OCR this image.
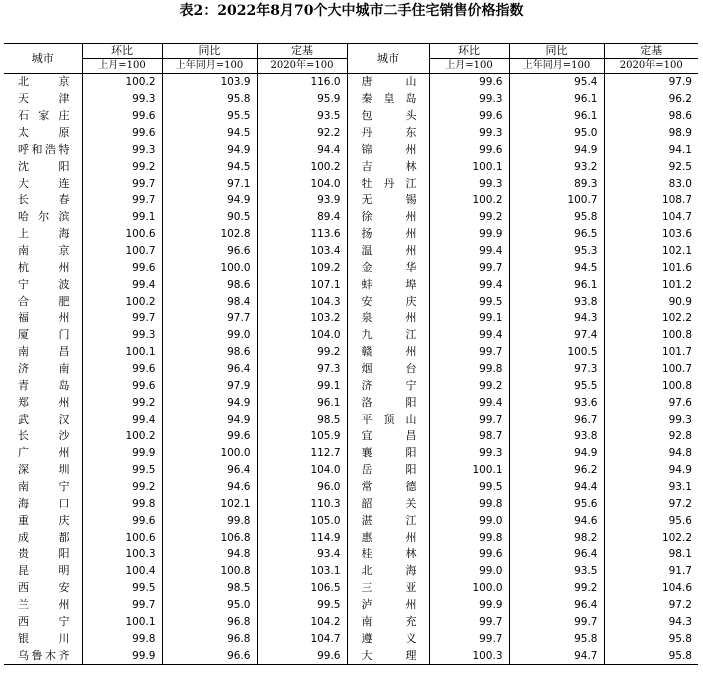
表2：2022年8月70个大中城市二手住宅销售价格指数
城市	环比	同比	定基	城市	环比	同比	定基
	上月=100	上年同月=100	2020年=100		上月=100	上年同月=100	2020年=100
北　京	100.2	103.9	116.0	唐　山	99.6	95.4	97.9
天　津	99.3	95.8	95.9	秦皇岛	99.3	96.1	96.2
石家庄	99.6	95.5	93.5	包　头	99.6	96.1	98.6
太　原	99.6	94.5	92.2	丹　东	99.3	95.0	98.9
呼和浩特	99.3	94.9	94.4	锦　州	99.6	94.9	94.1
沈　阳	99.2	94.5	100.2	吉　林	100.1	93.2	92.5
大　连	99.7	97.1	104.0	牡丹江	99.3	89.3	83.0
长　春	99.7	94.9	93.9	无　锡	100.2	100.7	108.7
哈尔滨	99.1	90.5	89.4	徐　州	99.2	95.8	104.7
上　海	100.6	102.8	113.6	扬　州	99.9	96.5	103.6
南　京	100.7	96.6	103.4	温　州	99.4	95.3	102.1
杭　州	99.6	100.0	109.2	金　华	99.7	94.5	101.6
宁　波	99.4	98.6	107.1	蚌　埠	99.4	96.1	101.2
合　肥	100.2	98.4	104.3	安　庆	99.5	93.8	90.9
福　州	99.7	97.7	103.2	泉　州	99.1	94.3	102.2
厦　门	99.3	99.0	104.0	九　江	99.4	97.4	100.8
南　昌	100.1	98.6	99.2	赣　州	99.7	100.5	101.7
济　南	99.6	96.4	97.3	烟　台	99.8	97.3	100.7
青　岛	99.6	97.9	99.1	济　宁	99.2	95.5	100.8
郑　州	99.2	94.9	96.1	洛　阳	99.4	93.6	97.6
武　汉	99.4	94.9	98.5	平顶山	99.7	96.7	99.3
长　沙	100.2	99.6	105.9	宜　昌	98.7	93.8	92.8
广　州	99.9	100.0	112.7	襄　阳	99.3	94.9	94.8
深　圳	99.5	96.4	104.0	岳　阳	100.1	96.2	94.9
南　宁	99.2	94.6	96.0	常　德	99.5	94.4	93.1
海　口	99.8	102.1	110.3	韶　关	99.8	95.6	97.2
重　庆	99.6	99.8	105.0	湛　江	99.0	94.6	95.6
成　都	100.6	106.8	114.9	惠　州	99.8	98.2	102.2
贵　阳	100.3	94.8	93.4	桂　林	99.6	96.4	98.1
昆　明	100.4	100.8	103.1	北　海	99.0	93.5	91.7
西　安	99.5	98.5	106.5	三　亚	100.0	99.2	104.6
兰　州	99.7	95.0	99.5	泸　州	99.9	96.4	97.2
西　宁	100.1	96.8	104.2	南　充	99.7	99.7	94.3
银　川	99.8	96.8	104.7	遵　义	99.7	95.8	95.8
乌鲁木齐	99.9	96.6	99.6	大　理	100.3	94.7	95.8
